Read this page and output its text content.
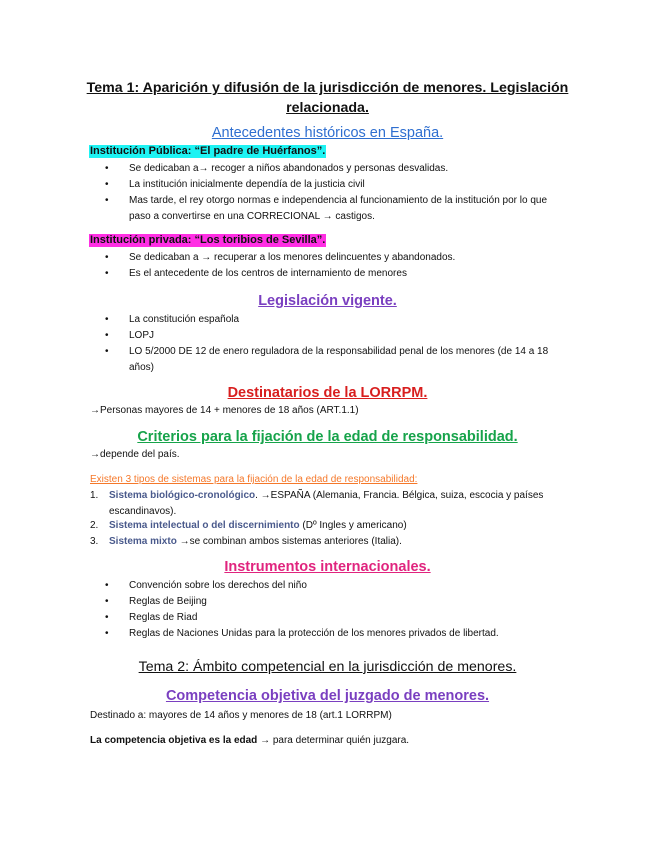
Tema 1: Aparición y difusión de la jurisdicción de menores. Legislación
relacionada.
Antecedentes históricos en España.
Institución Pública: “El padre de Huérfanos”.
• Se dedicaban a→ recoger a niños abandonados y personas desvalidas.
• La institución inicialmente dependía de la justicia civil
• Mas tarde, el rey otorgo normas e independencia al funcionamiento de la institución por lo que paso a convertirse en una CORRECIONAL → castigos.
Institución privada: “Los toribios de Sevilla”.
• Se dedicaban a → recuperar a los menores delincuentes y abandonados.
• Es el antecedente de los centros de internamiento de menores
Legislación vigente.
• La constitución española
• LOPJ
• LO 5/2000 DE 12 de enero reguladora de la responsabilidad penal de los menores (de 14 a 18 años)
Destinatarios de la LORRPM.
→Personas mayores de 14 + menores de 18 años (ART.1.1)
Criterios para la fijación de la edad de responsabilidad.
→depende del país.
Existen 3 tipos de sistemas para la fijación de la edad de responsabilidad:
1. Sistema biológico-cronológico. →ESPAÑA (Alemania, Francia. Bélgica, suiza, escocia y países escandinavos).
2. Sistema intelectual o del discernimiento (Dº Ingles y americano)
3. Sistema mixto →se combinan ambos sistemas anteriores (Italia).
Instrumentos internacionales.
• Convención sobre los derechos del niño
• Reglas de Beijing
• Reglas de Riad
• Reglas de Naciones Unidas para la protección de los menores privados de libertad.
Tema 2: Ámbito competencial en la jurisdicción de menores.
Competencia objetiva del juzgado de menores.
Destinado a: mayores de 14 años y menores de 18 (art.1 LORRPM)
La competencia objetiva es la edad → para determinar quién juzgara.
